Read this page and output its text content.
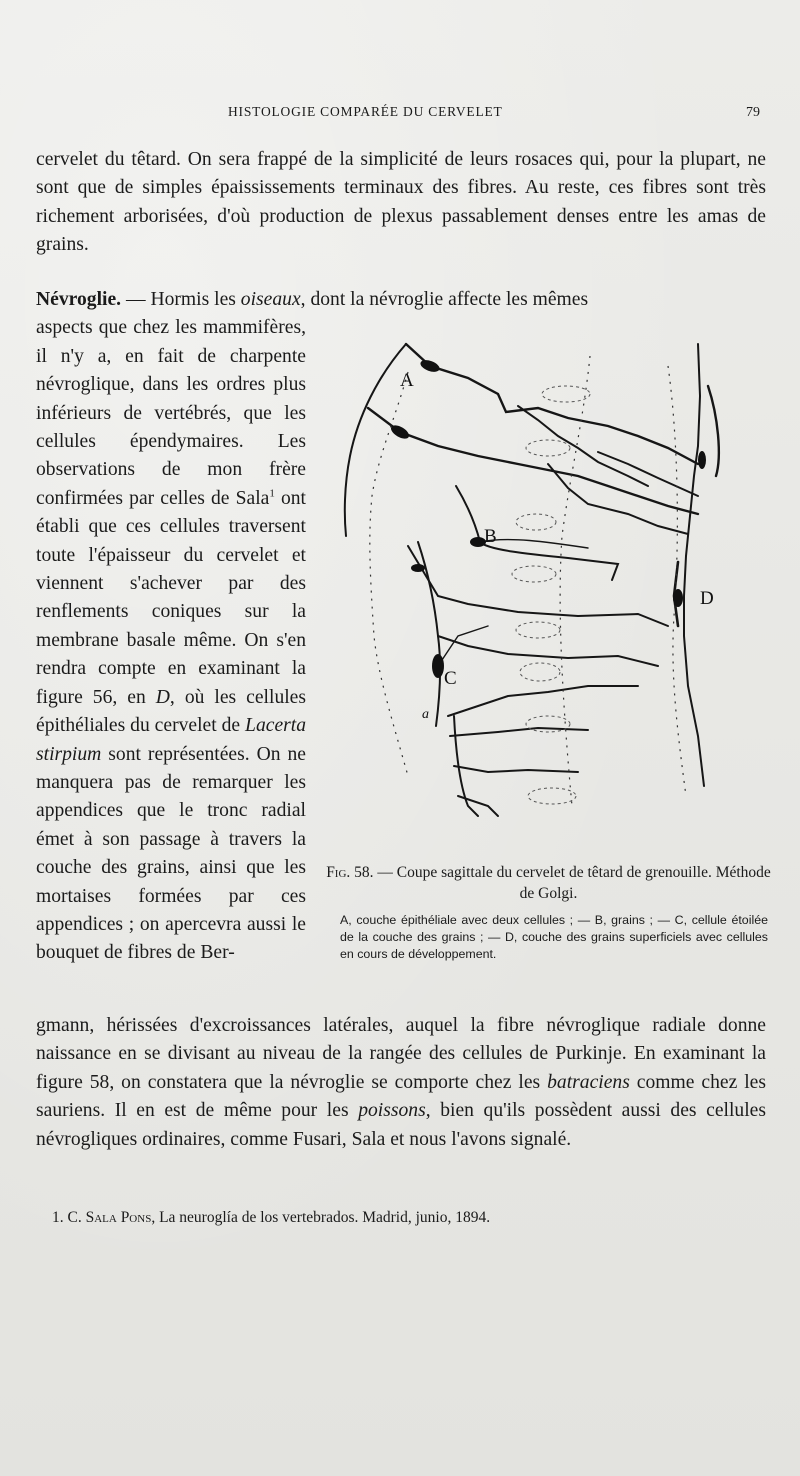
HISTOLOGIE COMPARÉE DU CERVELET	79

cervelet du têtard. On sera frappé de la simplicité de leurs rosaces qui, pour la plupart, ne sont que de simples épaississements terminaux des fibres. Au reste, ces fibres sont très richement arborisées, d'où production de plexus passablement denses entre les amas de grains.

Névroglie. — Hormis les oiseaux, dont la névroglie affecte les mêmes
aspects que chez les mammifères, il n'y a, en fait de charpente névroglique, dans les ordres plus inférieurs de vertébrés, que les cellules épendymaires. Les observations de mon frère confirmées par celles de Sala$^1$ ont établi que ces cellules traversent toute l'épaisseur du cervelet et viennent s'achever par des renflements coniques sur la membrane basale même. On s'en rendra compte en examinant la figure 56, en D, où les cellules épithéliales du cervelet de Lacerta stirpium sont représentées. On ne manquera pas de remarquer les appendices que le tronc radial émet à son passage à travers la couche des grains, ainsi que les mortaises formées par ces appendices ; on apercevra aussi le bouquet de fibres de Ber-

A
B
C
D
a
Fig. 58. — Coupe sagittale du cervelet de têtard de grenouille. Méthode de Golgi.
A, couche épithéliale avec deux cellules ; — B, grains ; — C, cellule étoilée de la couche des grains ; — D, couche des grains superficiels avec cellules en cours de développement.

gmann, hérissées d'excroissances latérales, auquel la fibre névroglique radiale donne naissance en se divisant au niveau de la rangée des cellules de Purkinje. En examinant la figure 58, on constatera que la névroglie se comporte chez les batraciens comme chez les sauriens. Il en est de même pour les poissons, bien qu'ils possèdent aussi des cellules névrogliques ordinaires, comme Fusari, Sala et nous l'avons signalé.

1. C. Sala Pons, La neuroglía de los vertebrados. Madrid, junio, 1894.
